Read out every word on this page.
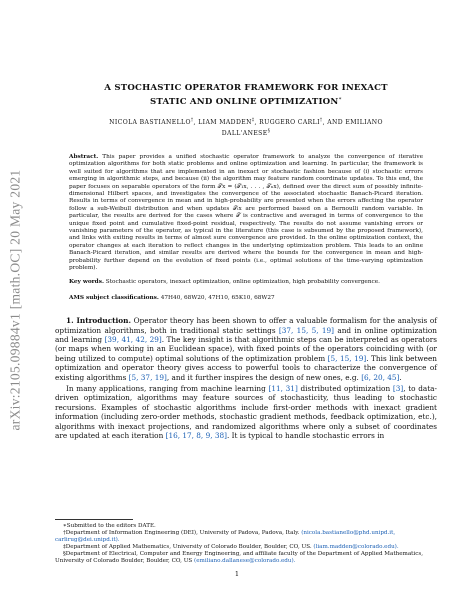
arXiv:2105.09884v1 [math.OC] 20 May 2021
A STOCHASTIC OPERATOR FRAMEWORK FOR INEXACT
STATIC AND ONLINE OPTIMIZATION∗
NICOLA BASTIANELLO†, LIAM MADDEN‡, RUGGERO CARLI†, AND EMILIANO
DALL'ANESE§
Abstract. This paper provides a unified stochastic operator framework to analyze the convergence of iterative optimization algorithms for both static problems and online optimization and learning. In particular, the framework is well suited for algorithms that are implemented in an inexact or stochastic fashion because of (i) stochastic errors emerging in algorithmic steps, and because (ii) the algorithm may feature random coordinate updates. To this end, the paper focuses on separable operators of the form 𝒯x = (𝒯₁x, . . . , 𝒯ₙx), defined over the direct sum of possibly infinite-dimensional Hilbert spaces, and investigates the convergence of the associated stochastic Banach-Picard iteration. Results in terms of convergence in mean and in high-probability are presented when the errors affecting the operator follow a sub-Weibull distribution and when updates 𝒯ᵢx are performed based on a Bernoulli random variable. In particular, the results are derived for the cases where 𝒯 is contractive and averaged in terms of convergence to the unique fixed point and cumulative fixed-point residual, respectively. The results do not assume vanishing errors or vanishing parameters of the operator, as typical in the literature (this case is subsumed by the proposed framework), and links with exiting results in terms of almost sure convergence are provided. In the online optimization context, the operator changes at each iteration to reflect changes in the underlying optimization problem. This leads to an online Banach-Picard iteration, and similar results are derived where the bounds for the convergence in mean and high-probability further depend on the evolution of fixed points (i.e., optimal solutions of the time-varying optimization problem).
Key words. Stochastic operators, inexact optimization, online optimization, high probability convergence.
AMS subject classifications. 47H40, 68W20, 47H10, 65K10, 68W27

1. Introduction. Operator theory has been shown to offer a valuable formalism for the analysis of optimization algorithms, both in traditional static settings [37, 15, 5, 19] and in online optimization and learning [39, 41, 42, 29]. The key insight is that algorithmic steps can be interpreted as operators (or maps when working in an Euclidean space), with fixed points of the operators coinciding with (or being utilized to compute) optimal solutions of the optimization problem [5, 15, 19]. This link between optimization and operator theory gives access to powerful tools to characterize the convergence of existing algorithms [5, 37, 19], and it further inspires the design of new ones, e.g. [6, 20, 45].

In many applications, ranging from machine learning [11, 31] distributed optimization [3], to data-driven optimization, algorithms may feature sources of stochasticity, thus leading to stochastic recursions. Examples of stochastic algorithms include first-order methods with inexact gradient information (including zero-order methods, stochastic gradient methods, feedback optimization, etc.), algorithms with inexact projections, and randomized algorithms where only a subset of coordinates are updated at each iteration [16, 17, 8, 9, 38]. It is typical to handle stochastic errors in

∗Submitted to the editors DATE.

†Department of Information Engineering (DEI), University of Padova, Padova, Italy. (nicola.bastianello@phd.unipd.it, carlirug@dei.unipd.it).

‡Department of Applied Mathematics, University of Colorado Boulder, Boulder, CO, US. (liam.madden@colorado.edu).

§Department of Electrical, Computer and Energy Engineering, and affiliate faculty of the Department of Applied Mathematics, University of Colorado Boulder, Boulder, CO, US (emiliano.dallanese@colorado.edu).

1
